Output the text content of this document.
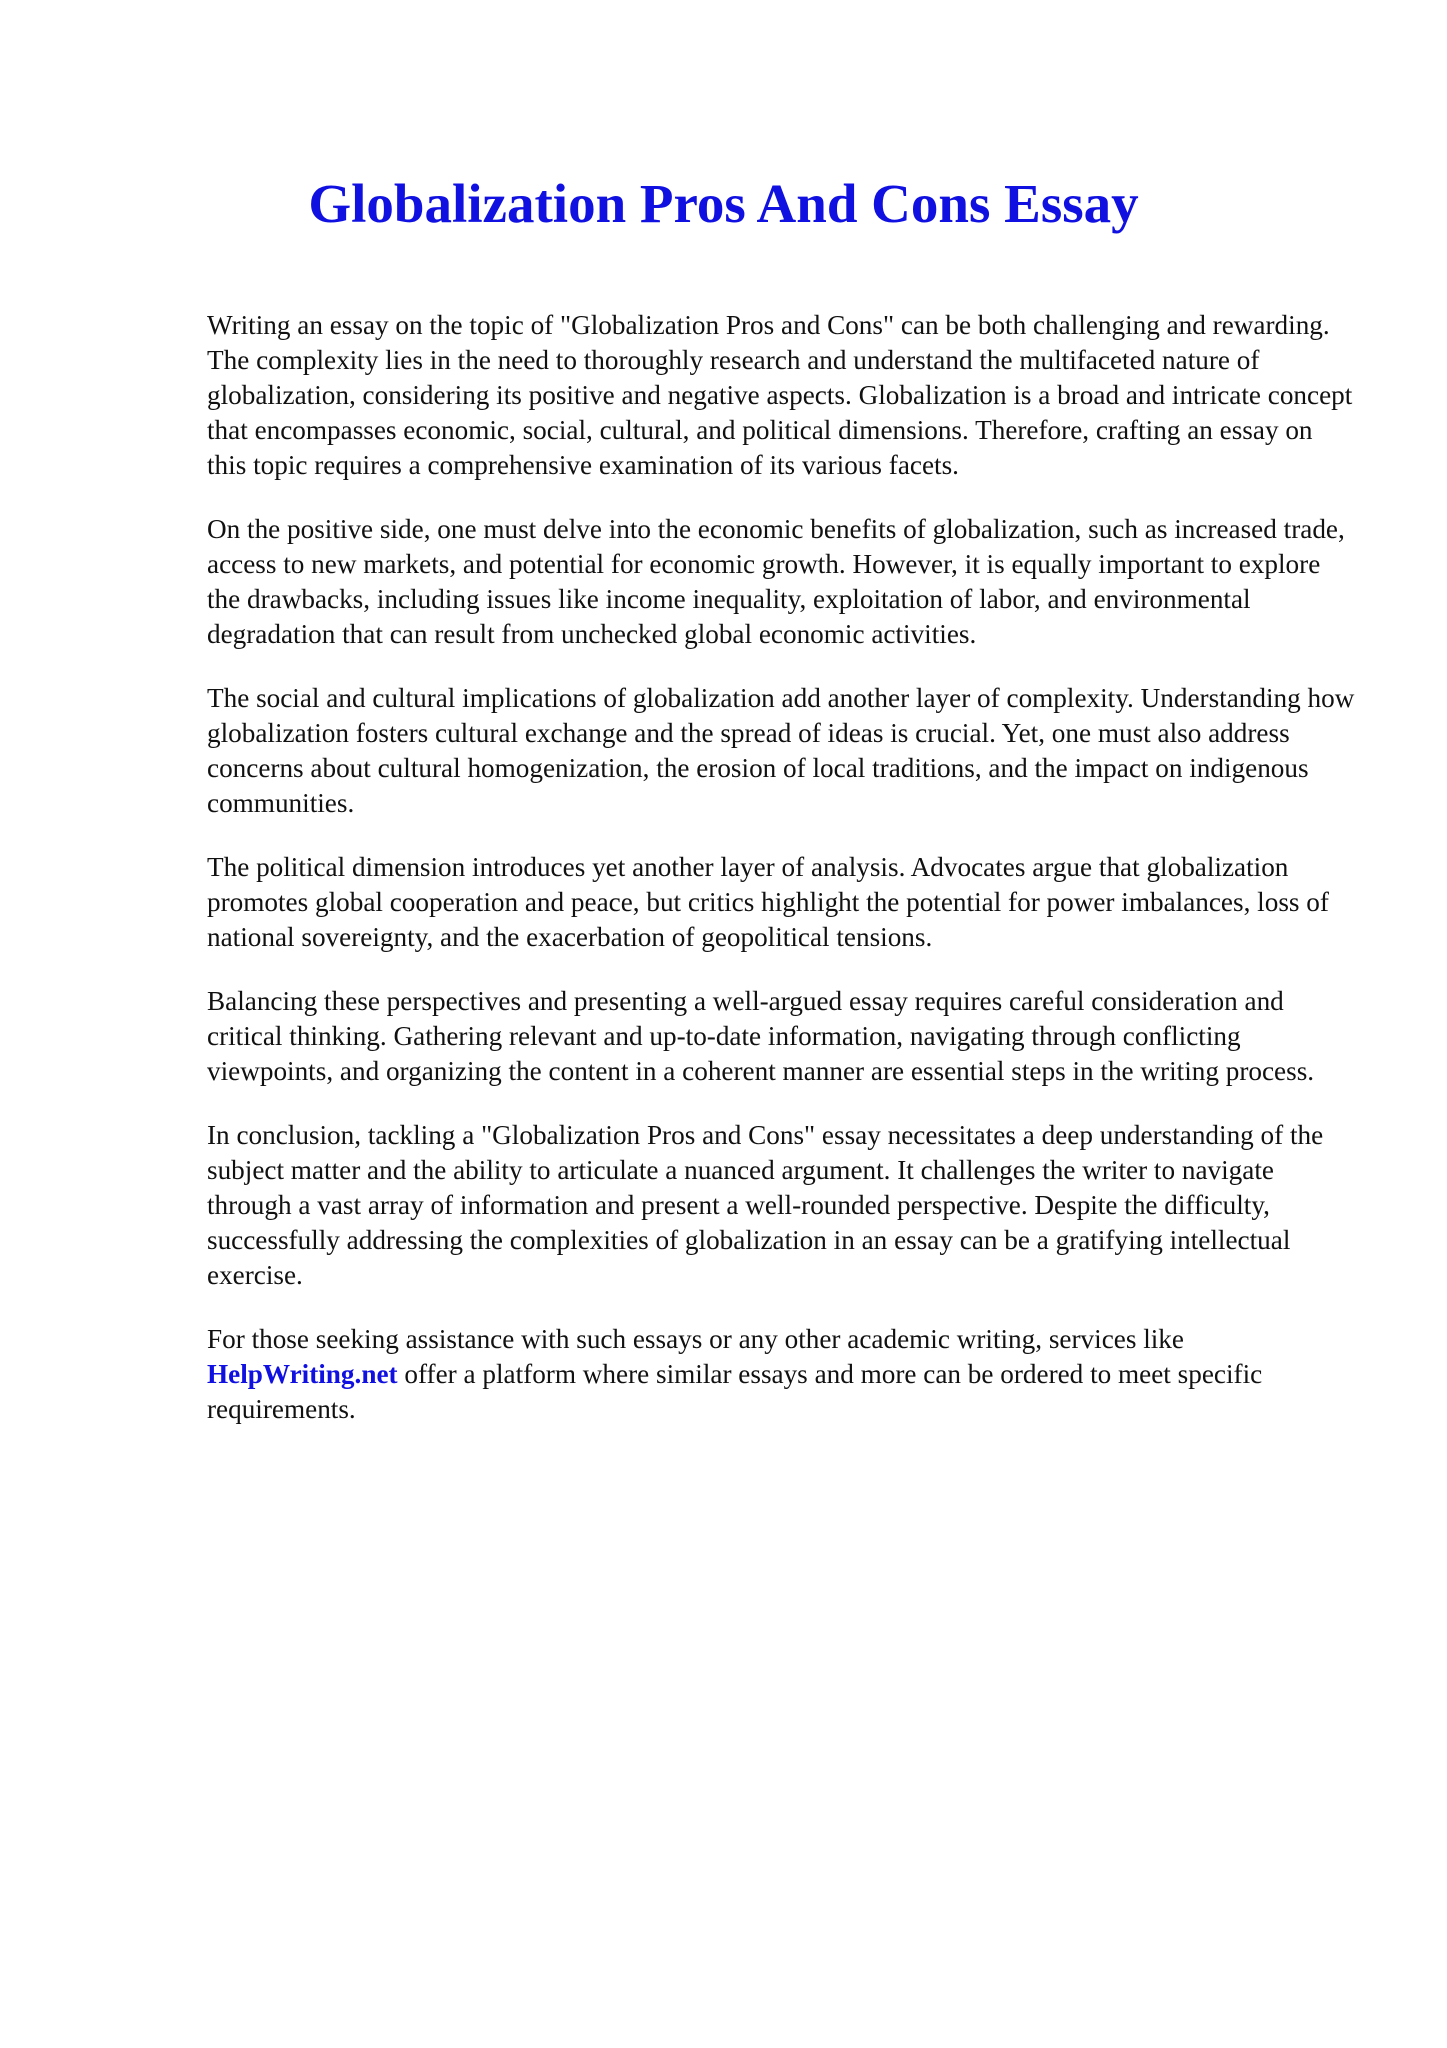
Globalization Pros And Cons Essay

Writing an essay on the topic of "Globalization Pros and Cons" can be both challenging and rewarding. The complexity lies in the need to thoroughly research and understand the multifaceted nature of globalization, considering its positive and negative aspects. Globalization is a broad and intricate concept that encompasses economic, social, cultural, and political dimensions. Therefore, crafting an essay on this topic requires a comprehensive examination of its various facets.

On the positive side, one must delve into the economic benefits of globalization, such as increased trade, access to new markets, and potential for economic growth. However, it is equally important to explore the drawbacks, including issues like income inequality, exploitation of labor, and environmental degradation that can result from unchecked global economic activities.

The social and cultural implications of globalization add another layer of complexity. Understanding how globalization fosters cultural exchange and the spread of ideas is crucial. Yet, one must also address concerns about cultural homogenization, the erosion of local traditions, and the impact on indigenous communities.

The political dimension introduces yet another layer of analysis. Advocates argue that globalization promotes global cooperation and peace, but critics highlight the potential for power imbalances, loss of national sovereignty, and the exacerbation of geopolitical tensions.

Balancing these perspectives and presenting a well-argued essay requires careful consideration and critical thinking. Gathering relevant and up-to-date information, navigating through conflicting viewpoints, and organizing the content in a coherent manner are essential steps in the writing process.

In conclusion, tackling a "Globalization Pros and Cons" essay necessitates a deep understanding of the subject matter and the ability to articulate a nuanced argument. It challenges the writer to navigate through a vast array of information and present a well-rounded perspective. Despite the difficulty, successfully addressing the complexities of globalization in an essay can be a gratifying intellectual exercise.

For those seeking assistance with such essays or any other academic writing, services like HelpWriting.net offer a platform where similar essays and more can be ordered to meet specific requirements.
